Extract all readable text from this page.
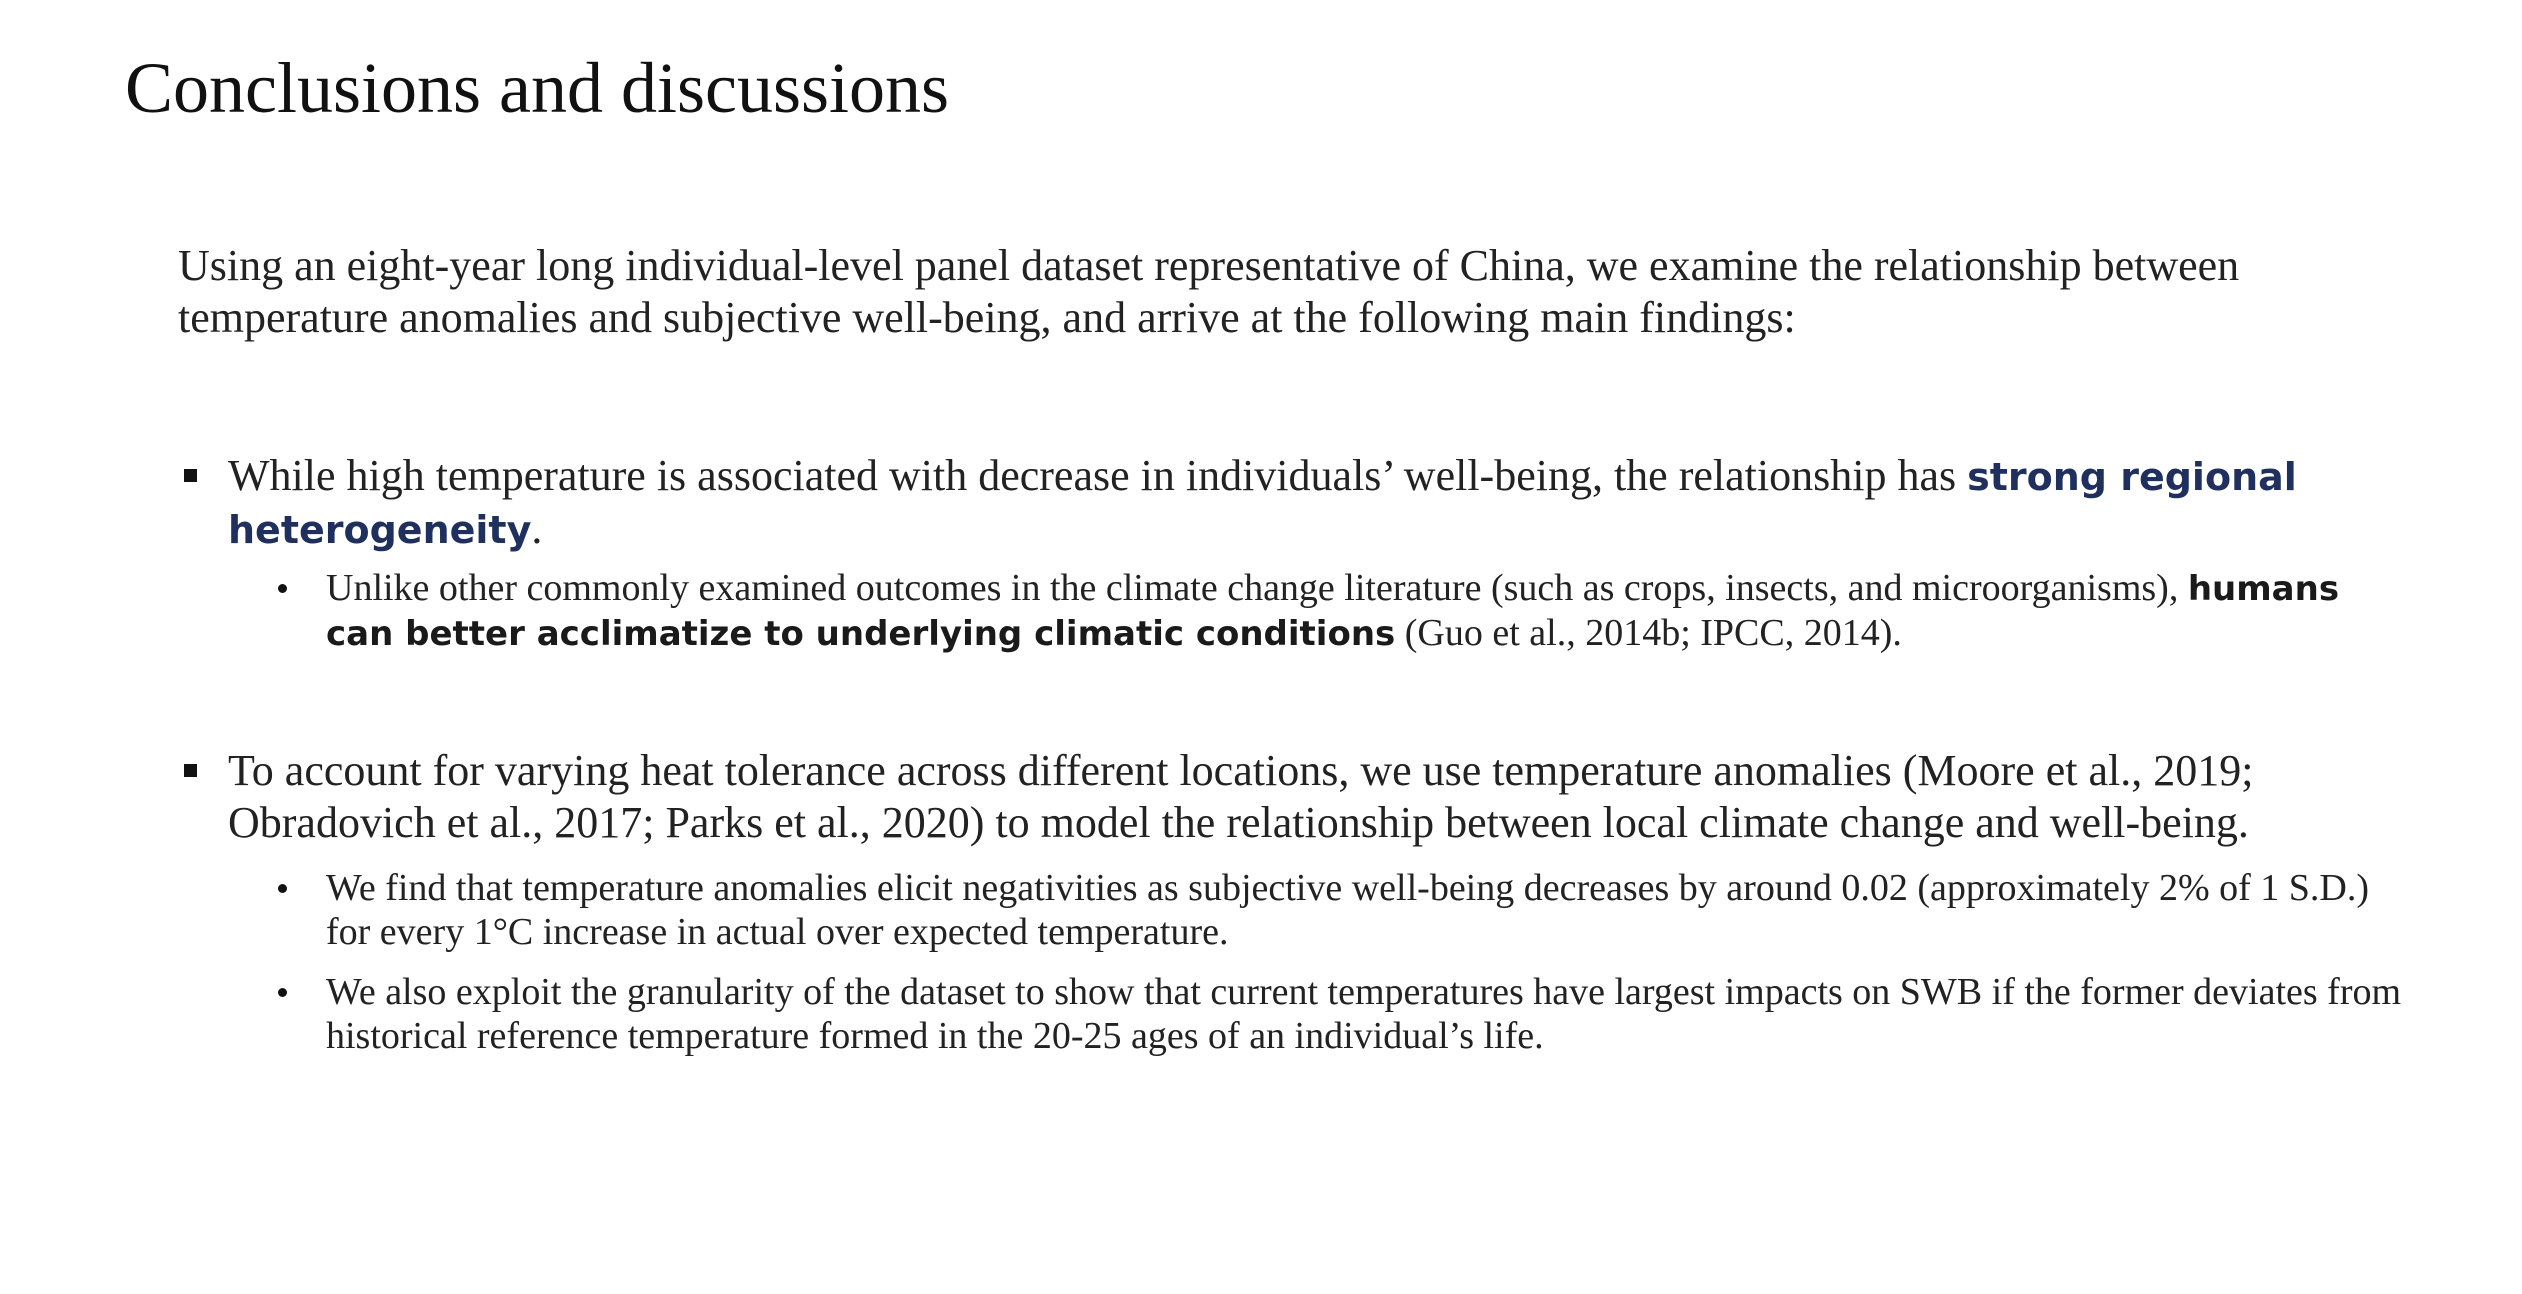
Conclusions and discussions

Using an eight-year long individual-level panel dataset representative of China, we examine the relationship between temperature anomalies and subjective well-being, and arrive at the following main findings:

While high temperature is associated with decrease in individuals’ well-being, the relationship has strong regional heterogeneity.
Unlike other commonly examined outcomes in the climate change literature (such as crops, insects, and microorganisms), humans can better acclimatize to underlying climatic conditions (Guo et al., 2014b; IPCC, 2014).
To account for varying heat tolerance across different locations, we use temperature anomalies (Moore et al., 2019; Obradovich et al., 2017; Parks et al., 2020) to model the relationship between local climate change and well-being.
We find that temperature anomalies elicit negativities as subjective well-being decreases by around 0.02 (approximately 2% of 1 S.D.) for every 1°C increase in actual over expected temperature.
We also exploit the granularity of the dataset to show that current temperatures have largest impacts on SWB if the former deviates from historical reference temperature formed in the 20-25 ages of an individual’s life.
